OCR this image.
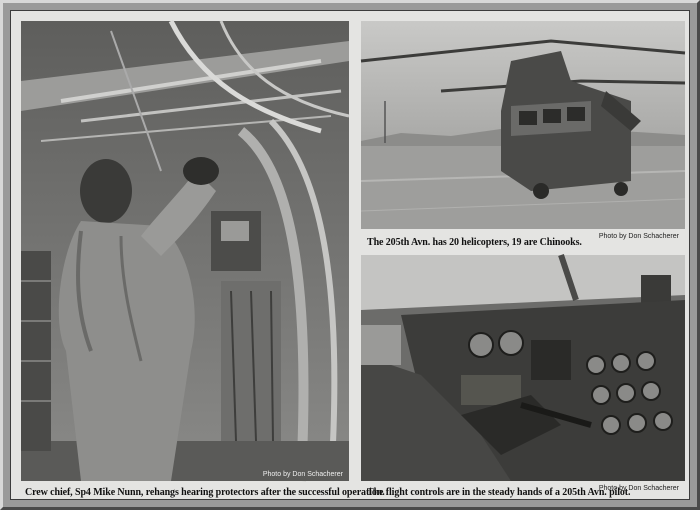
Photo by Don Schacherer
Crew chief, Sp4 Mike Nunn, rehangs hearing protectors after the successful operation.
Photo by Don Schacherer
The 205th Avn. has 20 helicopters, 19 are Chinooks.
Photo by Don Schacherer
The flight controls are in the steady hands of a 205th Avn. pilot.
